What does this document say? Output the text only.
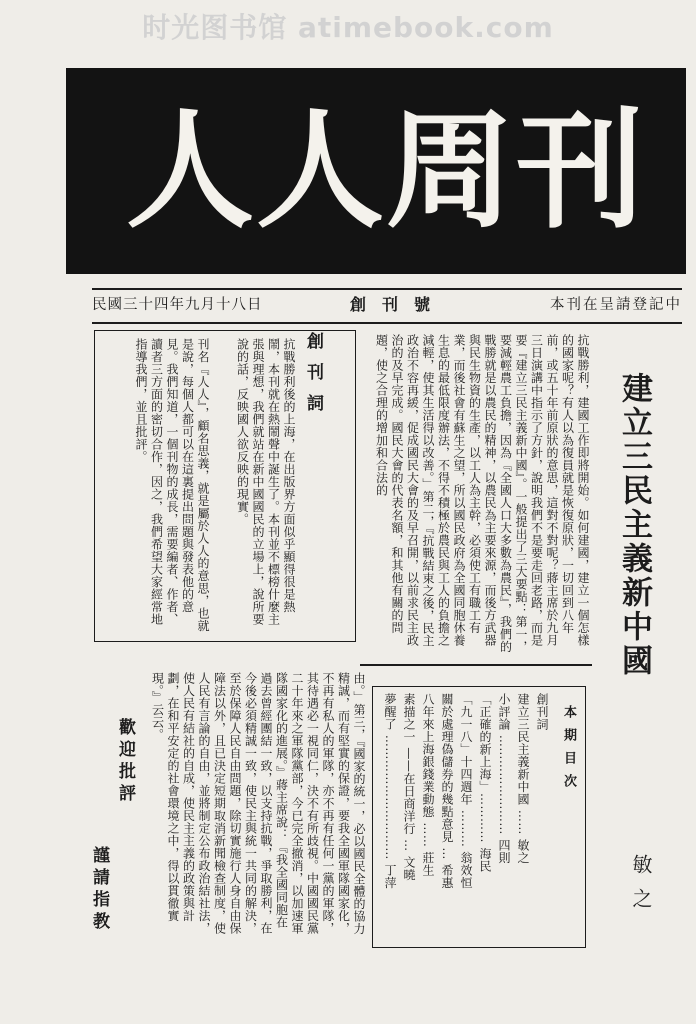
时光图书馆 atimebook.com
人人周刊
民國三十四年九月十八日	創刊號	本刊在呈請登記中
創刊詞
抗戰勝利後的上海，在出版界方面似乎顯得很是熱鬧，本刊就在熱鬧聲中誕生了。本刊並不標榜什麼主張與理想，我們就站在新中國國民的立場上，說所要說的話，反映國人欲反映的現實。
刊名『人人』，顧名思義，就是屬於人人的意思，也就是說，每個人都可以在這裏提出問題與發表他的意見。我們知道，一個刊物的成長，需要編者、作者、讀者三方面的密切合作，因之，我們希望大家經常地指導我們，並且批評。	建立三民主義新中國
抗戰勝利，建國工作即將開始。如何建國，建立一個怎樣的國家呢？有人以為復員就是恢復原狀，一切回到八年前，或五十年前原狀的意思，這對不對呢？蔣主席於九月三日演講中指示了方針，說明我們不是要走回老路，而是要『建立三民主義新中國』。一般提出了三大要點：第一，要減輕農工負擔，因為『全國人口大多數為農民』，我們的戰勝就是以農民的精神，以農民為主要來源，而後方武器與民生物資的生產，以工人為主幹，必須使工有職工有業，而後社會有蘇生之望，所以國民政府為全國同胞休養生息的最低限度辦法，不得不積極於農民與工人的負擔之減輕，使其生活得以改善。」第二，『抗戰結束之後，民主政治不容再緩，促成國民大會的及早召開，以前求民主政治的及早完成。國民大會的代表名額，和其他有關的問題，使之合理的增加和合法的
敏之
由。」第三，『國家的統一，必以國民全體的協力精誠，而有堅實的保證，要我全國軍隊國家化，不再有私人的軍隊，亦不再有任何一黨的軍隊，其待遇必一視同仁，決不有所歧視。中國國民黨二十年來之軍隊黨部，今已完全撤消，以加速軍隊國家化的進展。』蔣主席說：『我全國同胞在過去曾經團結一致，以支持抗戰，爭取勝利，在今後必須精誠一致，使民主與統一共同的解決，至於保障人民自由問題，除切實施行人身自由保障法以外，且已決定短期取消新聞檢查制度，使人民有言論的自由，並將制定公布政治結社法，使人民有結社的自成，使民主主義的政策與計劃，在和平安定的社會環境之中，得以貫徹實現。』云云。
歡迎批評
謹請指教
本期目次
創刊詞
建立三民主義新中國 …… 敏之
小評論 …………………… 四則
「正確的新上海」………… 海民
「九一八」十四週年 ……… 翁效恒
關於處理偽儲券的幾點意見 … 希惠
八年來上海銀錢業動態 …… 莊生
素描之一 ——在日商洋行 … 文曉
夢醒了 ………………………… 丁萍
